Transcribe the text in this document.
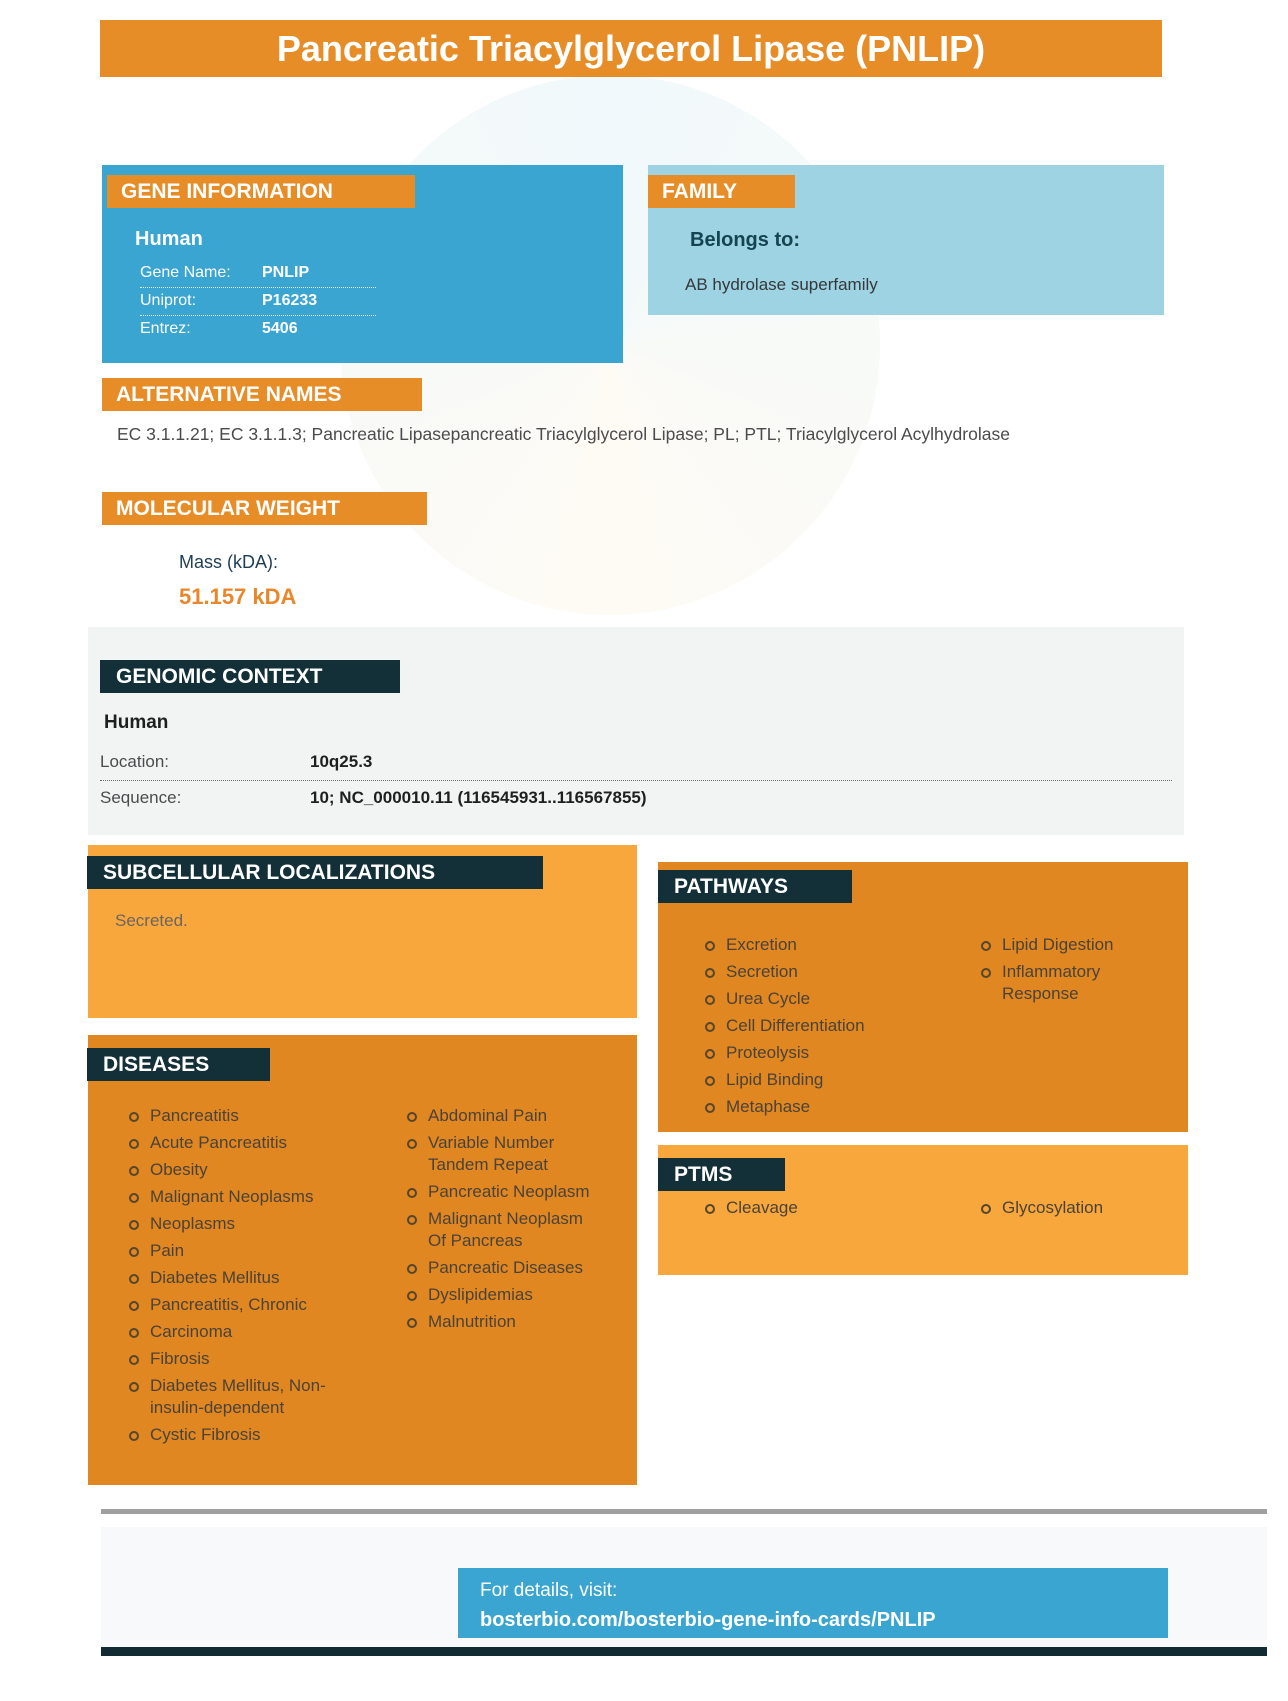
Pancreatic Triacylglycerol Lipase (PNLIP)
GENE INFORMATION
Human
Gene Name:	PNLIP
Uniprot:	P16233
Entrez:	5406
FAMILY
Belongs to:
AB hydrolase superfamily
ALTERNATIVE NAMES
EC 3.1.1.21; EC 3.1.1.3; Pancreatic Lipasepancreatic Triacylglycerol Lipase; PL; PTL; Triacylglycerol Acylhydrolase
MOLECULAR WEIGHT
Mass (kDA):
51.157 kDA
GENOMIC CONTEXT
Human
Location:	10q25.3
Sequence:	10; NC_000010.11 (116545931..116567855)
SUBCELLULAR LOCALIZATIONS
Secreted.
PATHWAYS
Excretion
Secretion
Urea Cycle
Cell Differentiation
Proteolysis
Lipid Binding
Metaphase
Lipid Digestion
Inflammatory Response
DISEASES
Pancreatitis
Acute Pancreatitis
Obesity
Malignant Neoplasms
Neoplasms
Pain
Diabetes Mellitus
Pancreatitis, Chronic
Carcinoma
Fibrosis
Diabetes Mellitus, Non-insulin-dependent
Cystic Fibrosis
Abdominal Pain
Variable Number Tandem Repeat
Pancreatic Neoplasm
Malignant Neoplasm Of Pancreas
Pancreatic Diseases
Dyslipidemias
Malnutrition
PTMS
Cleavage	Glycosylation
For details, visit:
bosterbio.com/bosterbio-gene-info-cards/PNLIP
